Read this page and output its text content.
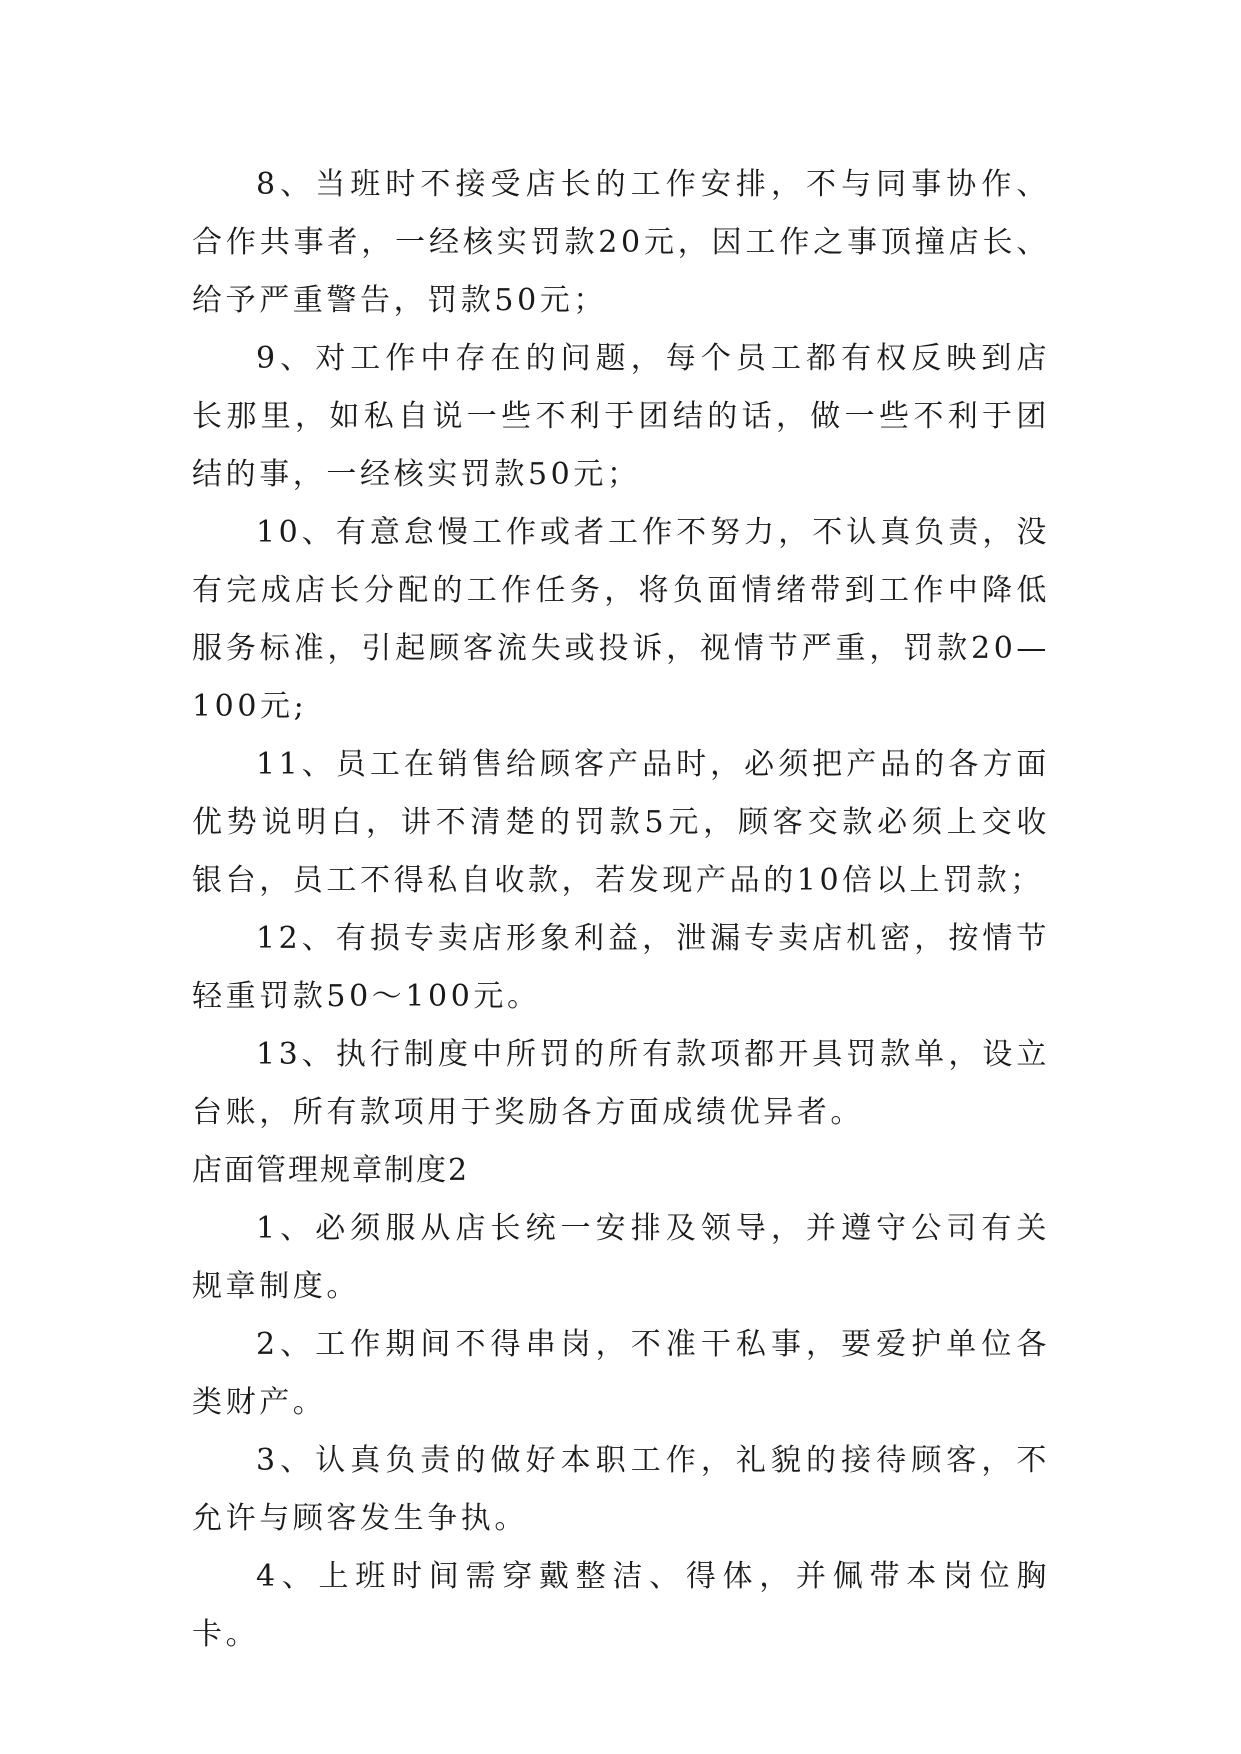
8、当班时不接受店长的工作安排，不与同事协作、合作共事者，一经核实罚款20元，因工作之事顶撞店长、给予严重警告，罚款50元；

9、对工作中存在的问题，每个员工都有权反映到店长那里，如私自说一些不利于团结的话，做一些不利于团结的事，一经核实罚款50元；

10、有意怠慢工作或者工作不努力，不认真负责，没有完成店长分配的工作任务，将负面情绪带到工作中降低服务标准，引起顾客流失或投诉，视情节严重，罚款20—100元;

11、员工在销售给顾客产品时，必须把产品的各方面优势说明白，讲不清楚的罚款5元，顾客交款必须上交收银台，员工不得私自收款，若发现产品的10倍以上罚款；

12、有损专卖店形象利益，泄漏专卖店机密，按情节轻重罚款50～100元。

13、执行制度中所罚的所有款项都开具罚款单，设立台账，所有款项用于奖励各方面成绩优异者。

店面管理规章制度2

1、必须服从店长统一安排及领导，并遵守公司有关规章制度。

2、工作期间不得串岗，不准干私事，要爱护单位各类财产。

3、认真负责的做好本职工作，礼貌的接待顾客，不允许与顾客发生争执。

4、上班时间需穿戴整洁、得体，并佩带本岗位胸卡。
